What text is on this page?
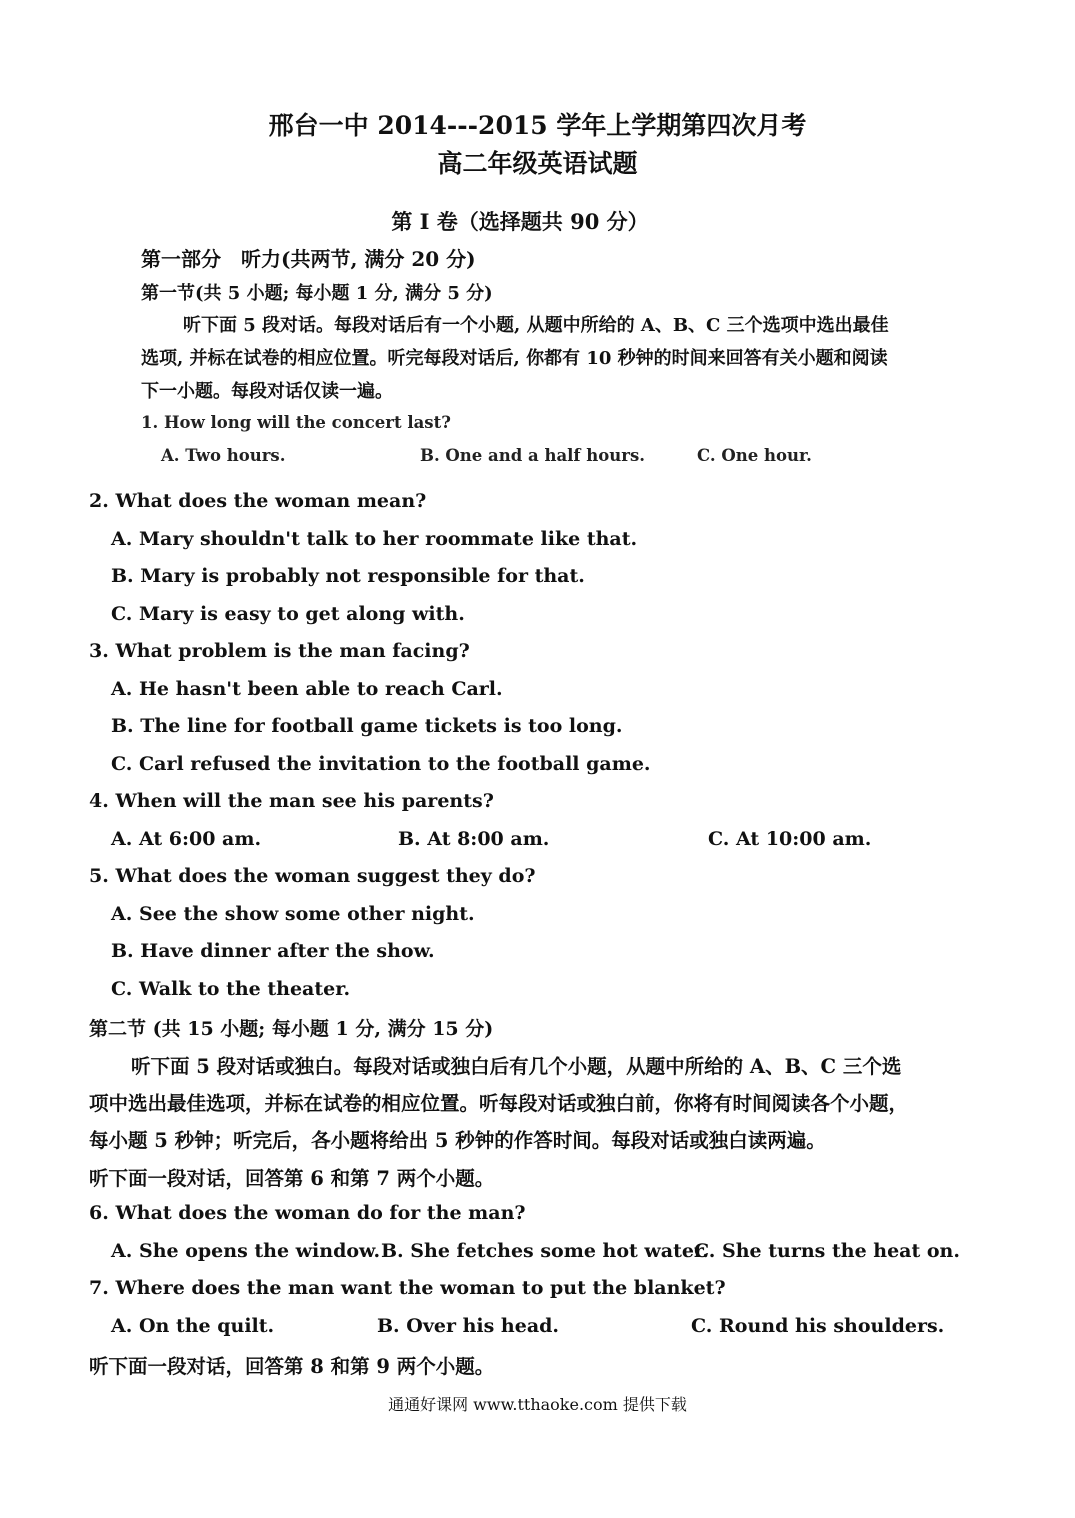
邢台一中 2014---2015 学年上学期第四次月考
高二年级英语试题
第 I 卷（选择题共 90 分）
第一部分　听力(共两节, 满分 20 分)
第一节(共 5 小题; 每小题 1 分, 满分 5 分)
听下面 5 段对话。每段对话后有一个小题, 从题中所给的 A、B、C 三个选项中选出最佳
选项, 并标在试卷的相应位置。听完每段对话后, 你都有 10 秒钟的时间来回答有关小题和阅读
下一小题。每段对话仅读一遍。
1. How long will the concert last?
A. Two hours.	B. One and a half hours.	C. One hour.
2. What does the woman mean?
A. Mary shouldn't talk to her roommate like that.
B. Mary is probably not responsible for that.
C. Mary is easy to get along with.
3. What problem is the man facing?
A. He hasn't been able to reach Carl.
B. The line for football game tickets is too long.
C. Carl refused the invitation to the football game.
4. When will the man see his parents?
A. At 6:00 am.	B. At 8:00 am.	C. At 10:00 am.
5. What does the woman suggest they do?
A. See the show some other night.
B. Have dinner after the show.
C. Walk to the theater.
第二节 (共 15 小题; 每小题 1 分, 满分 15 分)
听下面 5 段对话或独白。每段对话或独白后有几个小题，从题中所给的 A、B、C 三个选
项中选出最佳选项，并标在试卷的相应位置。听每段对话或独白前，你将有时间阅读各个小题，
每小题 5 秒钟；听完后，各小题将给出 5 秒钟的作答时间。每段对话或独白读两遍。
听下面一段对话，回答第 6 和第 7 两个小题。
6. What does the woman do for the man?
A. She opens the window. B. She fetches some hot water.
C. She turns the heat on.
7. Where does the man want the woman to put the blanket?
A. On the quilt.	B. Over his head.	C. Round his shoulders.
听下面一段对话，回答第 8 和第 9 两个小题。
通通好课网 www.tthaoke.com 提供下载
